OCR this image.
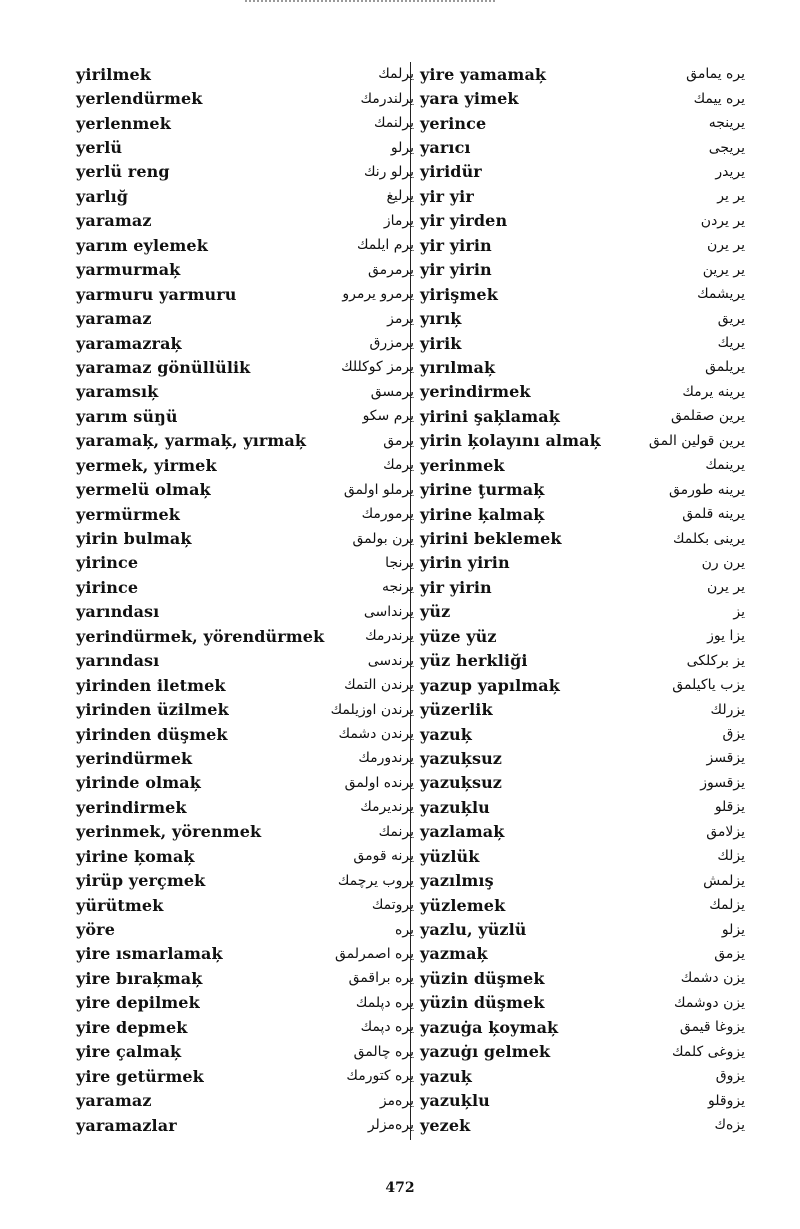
yirilmek	یرلمك
yerlendürmek	یرلندرمك
yerlenmek	یرلنمك
yerlü	یرلو
yerlü reng	یرلو رنك
yarlığ	یرلیغ
yaramaz	یرماز
yarım eylemek	یرم ایلمك
yarmurmaķ	یرمرمق
yarmuru yarmuru	یرمرو یرمرو
yaramaz	یرمز
yaramazraķ	یرمزرق
yaramaz gönüllülik	یرمز کوکللك
yaramsıķ	یرمسق
yarım süŋü	یرم سکو
yaramaķ, yarmaķ, yırmaķ	یرمق
yermek, yirmek	یرمك
yermelü olmaķ	یرملو اولمق
yermürmek	یرمورمك
yirin bulmaķ	یرن بولمق
yirince	یرنجا
yirince	یرنجه
yarındası	یرنداسی
yerindürmek, yörendürmek	یرندرمك
yarındası	یرندسی
yirinden iletmek	یرندن التمك
yirinden üzilmek	یرندن اوزیلمك
yirinden düşmek	یرندن دشمك
yerindürmek	یرندورمك
yirinde olmaķ	یرنده اولمق
yerindirmek	یرندیرمك
yerinmek, yörenmek	یرنمك
yirine ķomaķ	یرنه قومق
yirüp yerçmek	یروب یرچمك
yürütmek	یروتمك
yöre	یره
yire ısmarlamaķ	یره اصمرلمق
yire bıraķmaķ	یره براقمق
yire depilmek	یره دپلمك
yire depmek	یره دپمك
yire çalmaķ	یره چالمق
yire getürmek	یره کتورمك
yaramaz	یرەمز
yaramazlar	یرەمزلر
yire yamamaķ	یره یمامق
yara yimek	یره ییمك
yerince	یرینجه
yarıcı	یریجی
yiridür	یریدر
yir yir	یر یر
yir yirden	یر یردن
yir yirin	یر یرن
yir yirin	یر یرین
yirişmek	یریشمك
yırıķ	یریق
yirik	یریك
yırılmaķ	یریلمق
yerindirmek	یرینه یرمك
yirini şaķlamaķ	یرین صقلمق
yirin ķolayını almaķ	یرین قولین المق
yerinmek	یرینمك
yirine ţurmaķ	یرینه طورمق
yirine ķalmaķ	یرینه قلمق
yirini beklemek	یرینی بکلمك
yirin yirin	یرن رن
yir yirin	یر یرن
yüz	یز
yüze yüz	یزا یوز
yüz herkliği	یز برکلکی
yazup yapılmaķ	یزب یاکیلمق
yüzerlik	یزرلك
yazuķ	یزق
yazuķsuz	یزقسز
yazuķsuz	یزقسوز
yazuķlu	یزقلو
yazlamaķ	یزلامق
yüzlük	یزلك
yazılmış	یزلمش
yüzlemek	یزلمك
yazlu, yüzlü	یزلو
yazmaķ	یزمق
yüzin düşmek	یزن دشمك
yüzin düşmek	یزن دوشمك
yazuġa ķoymaķ	یزوغا قیمق
yazuġı gelmek	یزوغی کلمك
yazuķ	یزوق
yazuķlu	یزوقلو
yezek	یزەك
472
